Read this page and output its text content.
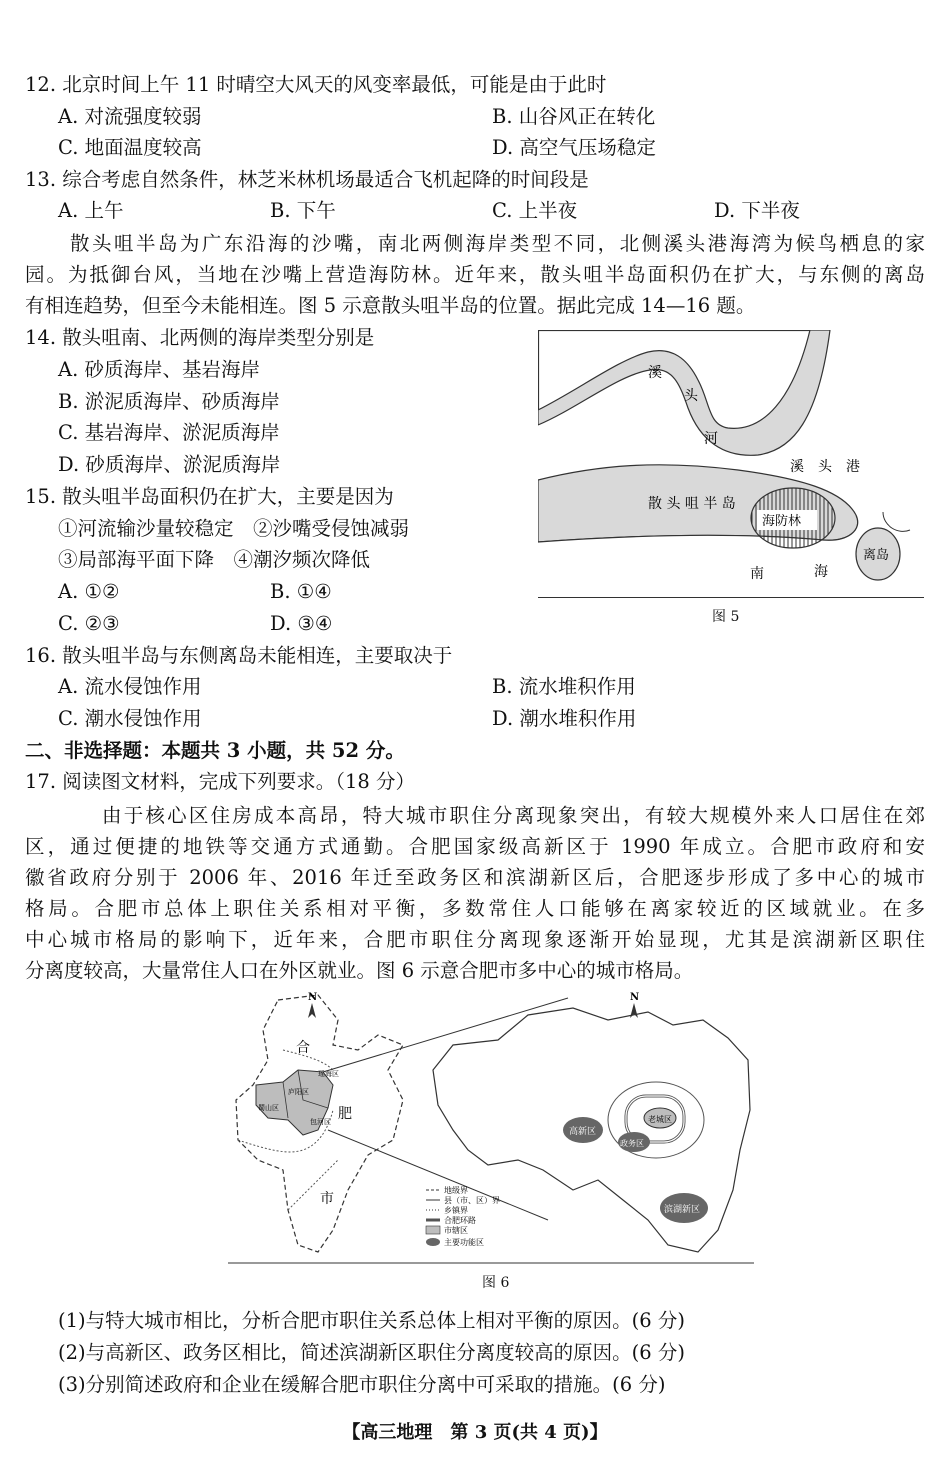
12. 北京时间上午 11 时晴空大风天的风变率最低，可能是由于此时
A. 对流强度较弱	B. 山谷风正在转化
C. 地面温度较高	D. 高空气压场稳定
13. 综合考虑自然条件，林芝米林机场最适合飞机起降的时间段是
A. 上午	B. 下午	C. 上半夜	D. 下半夜
散头咀半岛为广东沿海的沙嘴，南北两侧海岸类型不同，北侧溪头港海湾为候鸟栖息的家
园。为抵御台风，当地在沙嘴上营造海防林。近年来，散头咀半岛面积仍在扩大，与东侧的离岛
有相连趋势，但至今未能相连。图 5 示意散头咀半岛的位置。据此完成 14—16 题。
14. 散头咀南、北两侧的海岸类型分别是
A. 砂质海岸、基岩海岸
B. 淤泥质海岸、砂质海岸
C. 基岩海岸、淤泥质海岸
D. 砂质海岸、淤泥质海岸
15. 散头咀半岛面积仍在扩大，主要是因为
①河流输沙量较稳定　②沙嘴受侵蚀减弱
③局部海平面下降　④潮汐频次降低
A. ①②	B. ①④
C. ②③	D. ③④
溪
头
河
溪　头　港
散 头 咀 半 岛
海防林
离岛
南	海
图 5
16. 散头咀半岛与东侧离岛未能相连，主要取决于
A. 流水侵蚀作用	B. 流水堆积作用
C. 潮水侵蚀作用	D. 潮水堆积作用
二、非选择题：本题共 3 小题，共 52 分。
17. 阅读图文材料，完成下列要求。（18 分）
由于核心区住房成本高昂，特大城市职住分离现象突出，有较大规模外来人口居住在郊
区，通过便捷的地铁等交通方式通勤。合肥国家级高新区于 1990 年成立。合肥市政府和安
徽省政府分别于 2006 年、2016 年迁至政务区和滨湖新区后，合肥逐步形成了多中心的城市
格局。合肥市总体上职住关系相对平衡，多数常住人口能够在离家较近的区域就业。在多
中心城市格局的影响下，近年来，合肥市职住分离现象逐渐开始显现，尤其是滨湖新区职住
分离度较高，大量常住人口在外区就业。图 6 示意合肥市多中心的城市格局。
N
合
肥
市
蜀山区
庐阳区
瑶海区
包河区
N
老城区
高新区
政务区
滨湖新区
地级界
县（市、区）界
乡镇界
合肥环路
市辖区
主要功能区
图 6
(1)与特大城市相比，分析合肥市职住关系总体上相对平衡的原因。(6 分)
(2)与高新区、政务区相比，简述滨湖新区职住分离度较高的原因。(6 分)
(3)分别简述政府和企业在缓解合肥市职住分离中可采取的措施。(6 分)
【高三地理　第 3 页(共 4 页)】
